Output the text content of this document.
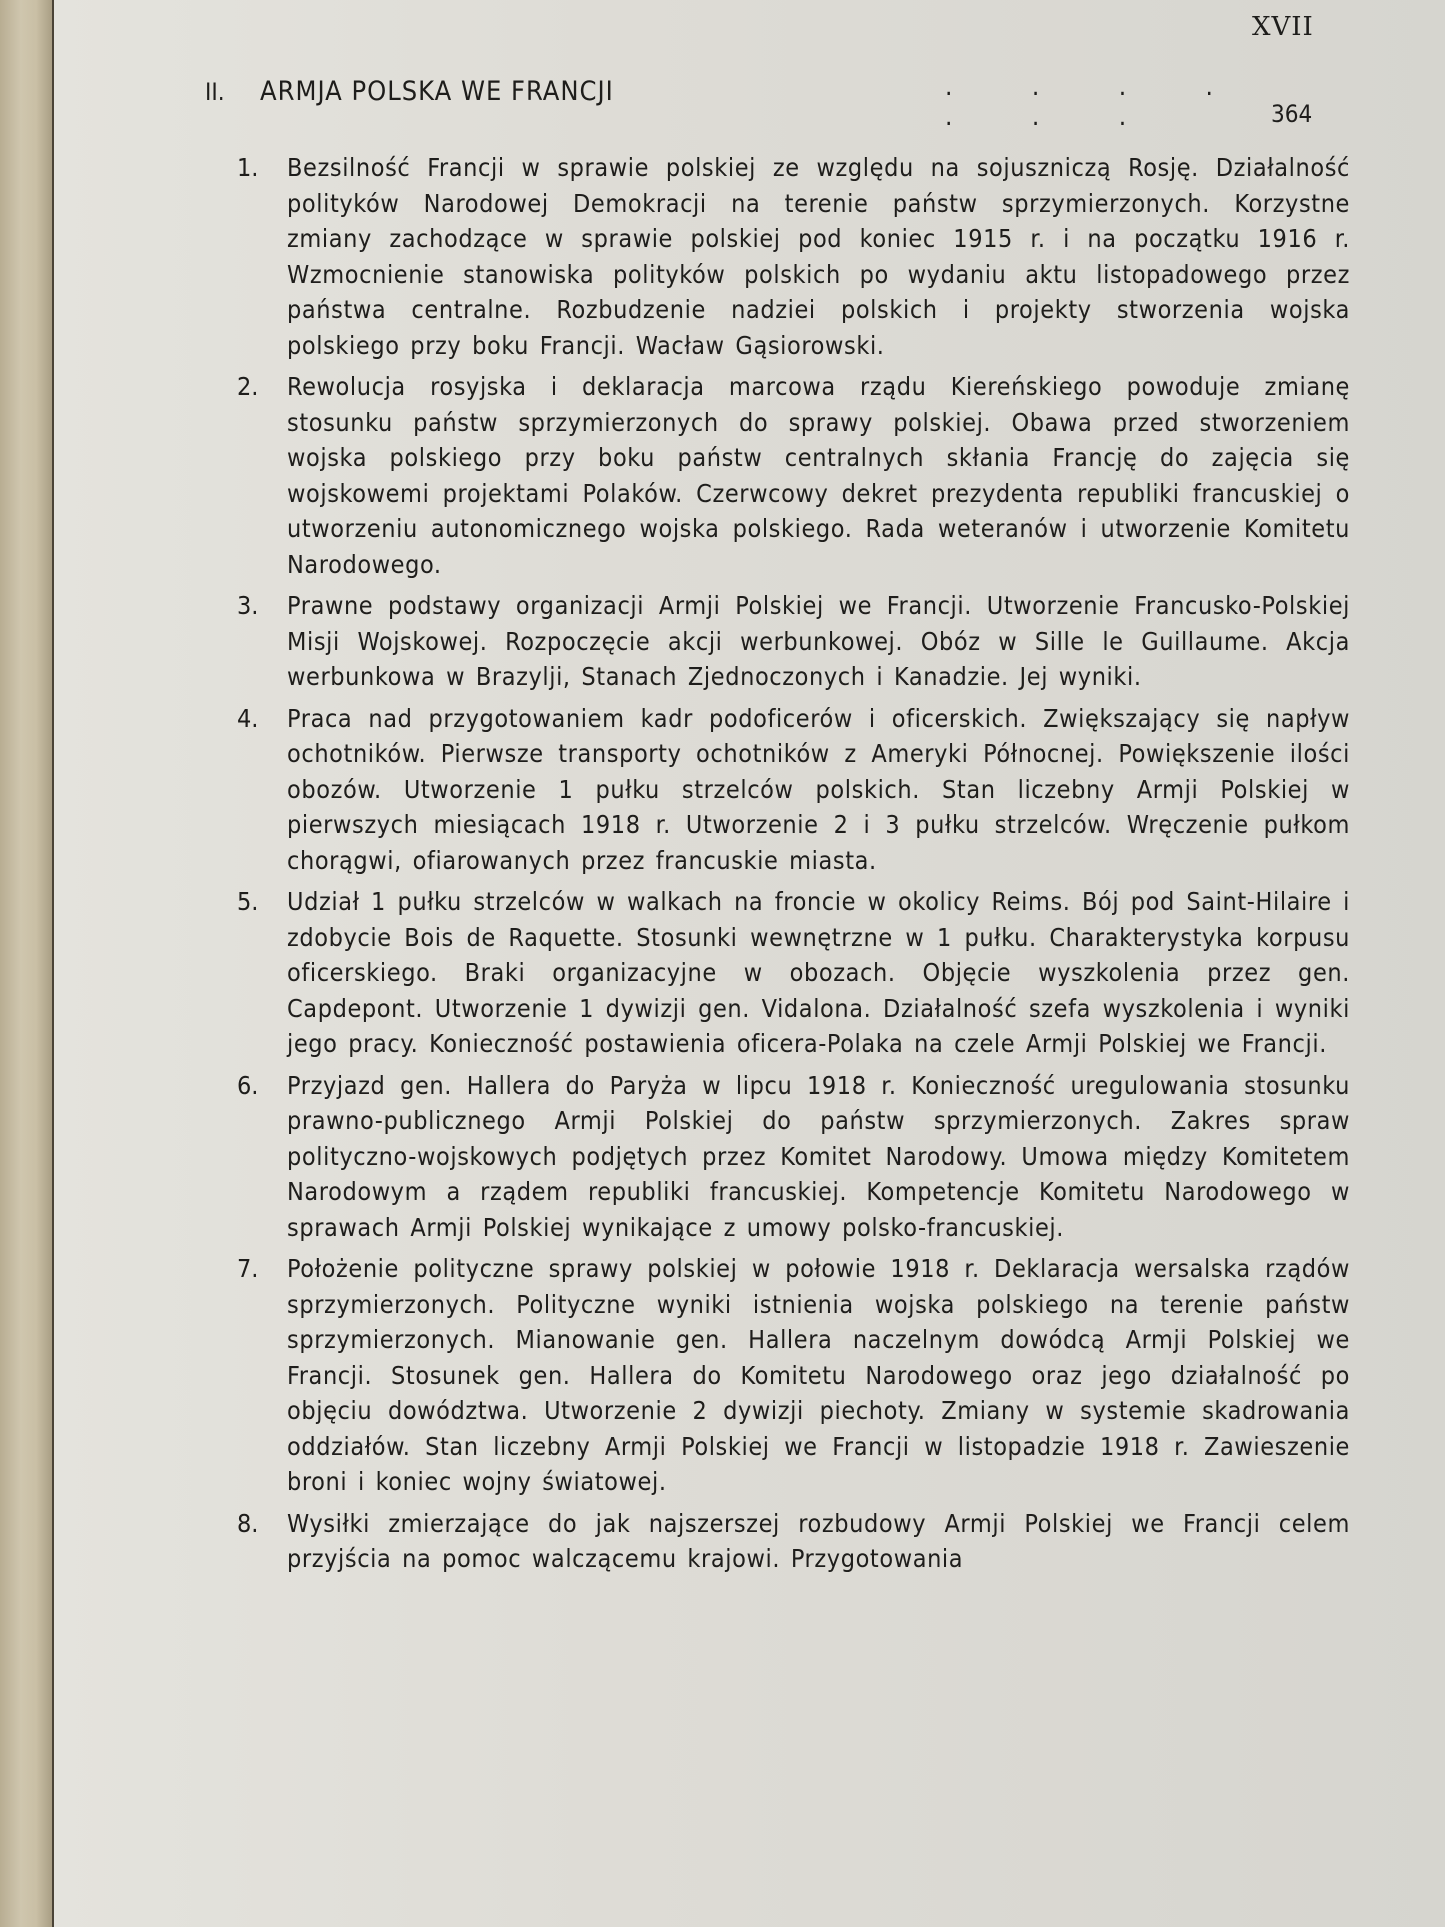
XVII
II. ARMJA POLSKA WE FRANCJI	. . . . . . .	364
1. Bezsilność Francji w sprawie polskiej ze względu na sojuszniczą Rosję. Działalność polityków Narodowej Demokracji na terenie państw sprzymierzonych. Korzystne zmiany zachodzące w sprawie polskiej pod koniec 1915 r. i na początku 1916 r. Wzmocnienie stanowiska polityków polskich po wydaniu aktu listopadowego przez państwa centralne. Rozbudzenie nadziei polskich i projekty stworzenia wojska polskiego przy boku Francji. Wacław Gąsiorowski.
2. Rewolucja rosyjska i deklaracja marcowa rządu Kiereńskiego powoduje zmianę stosunku państw sprzymierzonych do sprawy polskiej. Obawa przed stworzeniem wojska polskiego przy boku państw centralnych skłania Francję do zajęcia się wojskowemi projektami Polaków. Czerwcowy dekret prezydenta republiki francuskiej o utworzeniu autonomicznego wojska polskiego. Rada weteranów i utworzenie Komitetu Narodowego.
3. Prawne podstawy organizacji Armji Polskiej we Francji. Utworzenie Francusko-Polskiej Misji Wojskowej. Rozpoczęcie akcji werbunkowej. Obóz w Sille le Guillaume. Akcja werbunkowa w Brazylji, Stanach Zjednoczonych i Kanadzie. Jej wyniki.
4. Praca nad przygotowaniem kadr podoficerów i oficerskich. Zwiększający się napływ ochotników. Pierwsze transporty ochotników z Ameryki Północnej. Powiększenie ilości obozów. Utworzenie 1 pułku strzelców polskich. Stan liczebny Armji Polskiej w pierwszych miesiącach 1918 r. Utworzenie 2 i 3 pułku strzelców. Wręczenie pułkom chorągwi, ofiarowanych przez francuskie miasta.
5. Udział 1 pułku strzelców w walkach na froncie w okolicy Reims. Bój pod Saint-Hilaire i zdobycie Bois de Raquette. Stosunki wewnętrzne w 1 pułku. Charakterystyka korpusu oficerskiego. Braki organizacyjne w obozach. Objęcie wyszkolenia przez gen. Capdepont. Utworzenie 1 dywizji gen. Vidalona. Działalność szefa wyszkolenia i wyniki jego pracy. Konieczność postawienia oficera-Polaka na czele Armji Polskiej we Francji.
6. Przyjazd gen. Hallera do Paryża w lipcu 1918 r. Konieczność uregulowania stosunku prawno-publicznego Armji Polskiej do państw sprzymierzonych. Zakres spraw polityczno-wojskowych podjętych przez Komitet Narodowy. Umowa między Komitetem Narodowym a rządem republiki francuskiej. Kompetencje Komitetu Narodowego w sprawach Armji Polskiej wynikające z umowy polsko-francuskiej.
7. Położenie polityczne sprawy polskiej w połowie 1918 r. Deklaracja wersalska rządów sprzymierzonych. Polityczne wyniki istnienia wojska polskiego na terenie państw sprzymierzonych. Mianowanie gen. Hallera naczelnym dowódcą Armji Polskiej we Francji. Stosunek gen. Hallera do Komitetu Narodowego oraz jego działalność po objęciu dowództwa. Utworzenie 2 dywizji piechoty. Zmiany w systemie skadrowania oddziałów. Stan liczebny Armji Polskiej we Francji w listopadzie 1918 r. Zawieszenie broni i koniec wojny światowej.
8. Wysiłki zmierzające do jak najszerszej rozbudowy Armji Polskiej we Francji celem przyjścia na pomoc walczącemu krajowi. Przygotowania
